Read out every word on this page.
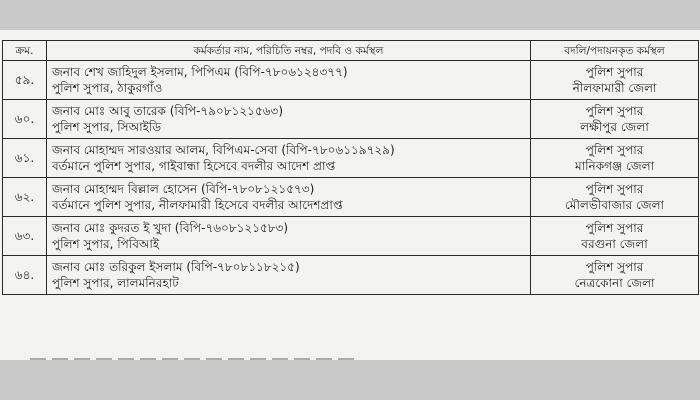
ক্রম.	কর্মকর্তার নাম, পরিচিতি নম্বর, পদবি ও কর্মস্থল	বদলি/পদায়নকৃত কর্মস্থল
৫৯.	জনাব শেখ জাহিদুল ইসলাম, পিপিএম (বিপি-৭৮০৬১২৪৩৭৭)
পুলিশ সুপার, ঠাকুরগাঁও	পুলিশ সুপার
নীলফামারী জেলা

৬০.	জনাব মোঃ আবু তারেক (বিপি-৭৯০৮১২১৫৬৩)
পুলিশ সুপার, সিআইডি	পুলিশ সুপার
লক্ষীপুর জেলা

৬১.	জনাব মোহাম্মদ সারওয়ার আলম, বিপিএম-সেবা (বিপি-৭৮০৬১১৯৭২৯)
বর্তমানে পুলিশ সুপার, গাইবান্ধা হিসেবে বদলীর আদেশ প্রাপ্ত	পুলিশ সুপার
মানিকগঞ্জ জেলা

৬২.	জনাব মোহাম্মদ বিল্লাল হোসেন (বিপি-৭৮০৮১২১৫৭৩)
বর্তমানে পুলিশ সুপার, নীলফামারী হিসেবে বদলীর আদেশপ্রাপ্ত	পুলিশ সুপার
মৌলভীবাজার জেলা

৬৩.	জনাব মোঃ কুদরত ই খুদা (বিপি-৭৬০৮১২১৫৮৩)
পুলিশ সুপার, পিবিআই	পুলিশ সুপার
বরগুনা জেলা

৬৪.	জনাব মোঃ তরিকুল ইসলাম (বিপি-৭৮০৮১১৮২১৫)
পুলিশ সুপার, লালমনিরহাট	পুলিশ সুপার
নেত্রকোনা জেলা
